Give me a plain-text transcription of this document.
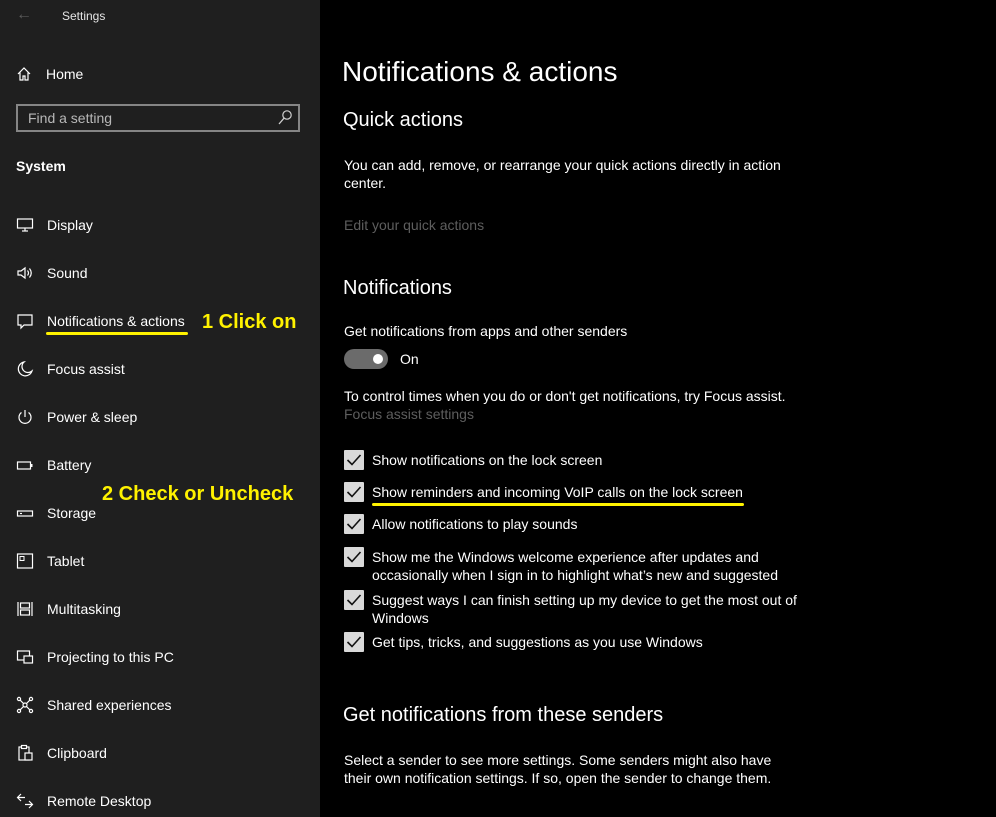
←	Settings
Home
Find a setting
System
Display
Sound
Notifications & actions
Focus assist
Power & sleep
Battery
Storage
Tablet
Multitasking
Projecting to this PC
Shared experiences
Clipboard
Remote Desktop
1 Click on
2 Check or Uncheck
Notifications & actions
Quick actions
You can add, remove, or rearrange your quick actions directly in action center.
Edit your quick actions
Notifications
Get notifications from apps and other senders
On
To control times when you do or don't get notifications, try Focus assist.
Focus assist settings
Show notifications on the lock screen
Show reminders and incoming VoIP calls on the lock screen
Allow notifications to play sounds
Show me the Windows welcome experience after updates and occasionally when I sign in to highlight what’s new and suggested
Suggest ways I can finish setting up my device to get the most out of Windows
Get tips, tricks, and suggestions as you use Windows
Get notifications from these senders
Select a sender to see more settings. Some senders might also have their own notification settings. If so, open the sender to change them.
